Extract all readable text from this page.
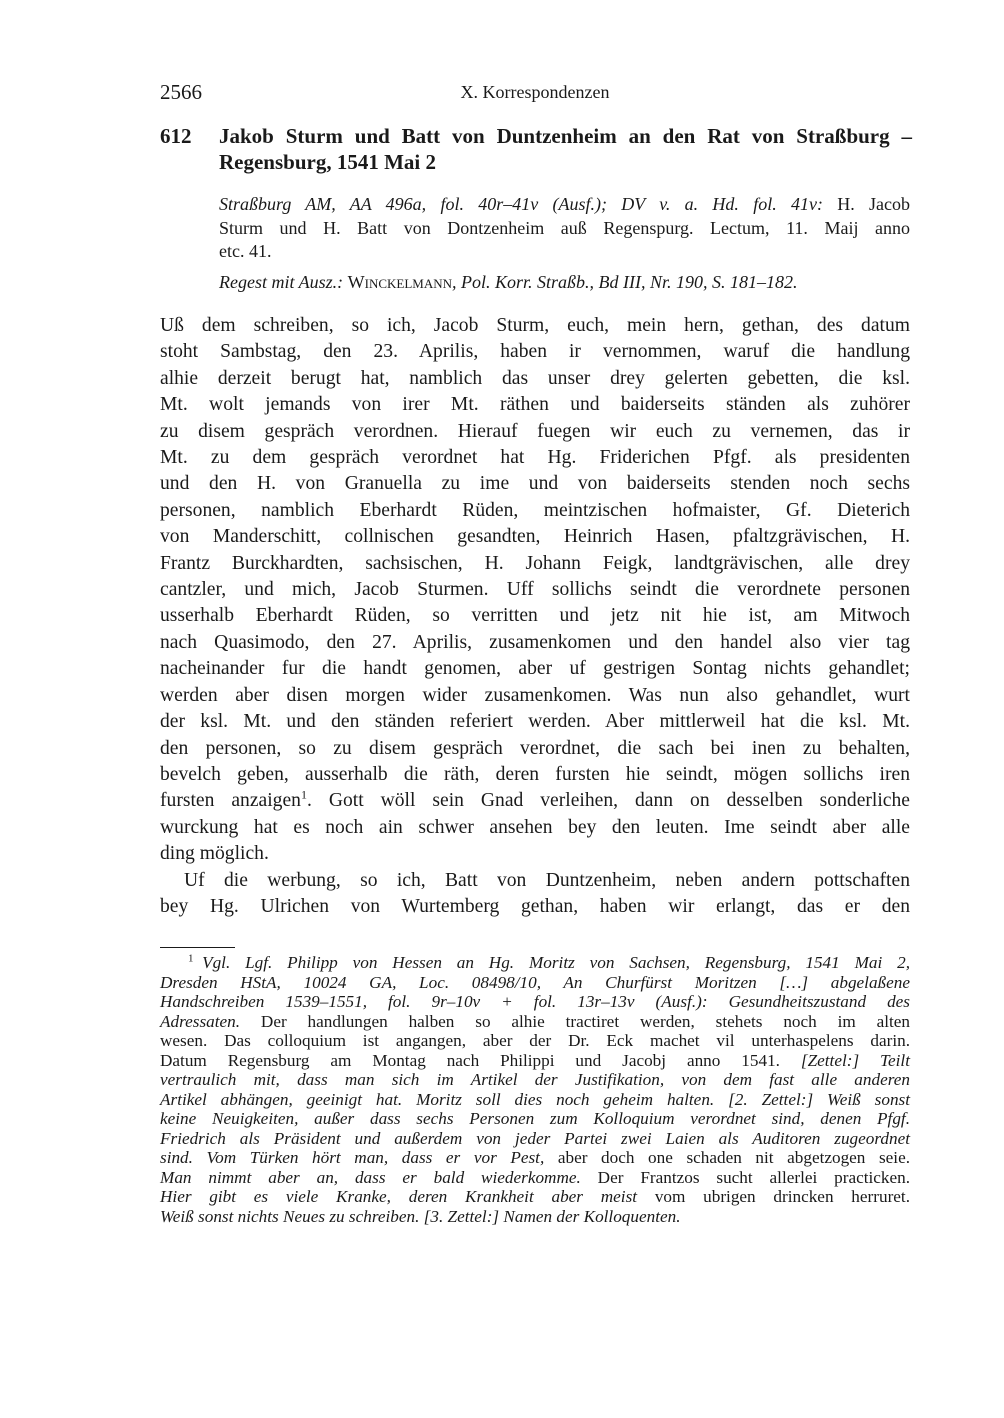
2566	X. Korrespondenzen
612 Jakob Sturm und Batt von Duntzenheim an den Rat von Straßburg –
Regensburg, 1541 Mai 2
Straßburg AM, AA 496a, fol. 40r–41v (Ausf.); DV v. a. Hd. fol. 41v: H. Jacob
Sturm und H. Batt von Dontzenheim auß Regenspurg. Lectum, 11. Maij anno
etc. 41.
Regest mit Ausz.: Winckelmann, Pol. Korr. Straßb., Bd III, Nr. 190, S. 181–182.
Uß dem schreiben, so ich, Jacob Sturm, euch, mein hern, gethan, des datum
stoht Sambstag, den 23. Aprilis, haben ir vernommen, waruf die handlung
alhie derzeit berugt hat, namblich das unser drey gelerten gebetten, die ksl.
Mt. wolt jemands von irer Mt. räthen und baiderseits ständen als zuhörer
zu disem gespräch verordnen. Hierauf fuegen wir euch zu vernemen, das ir
Mt. zu dem gespräch verordnet hat Hg. Friderichen Pfgf. als presidenten
und den H. von Granuella zu ime und von baiderseits stenden noch sechs
personen, namblich Eberhardt Rüden, meintzischen hofmaister, Gf. Dieterich
von Manderschitt, collnischen gesandten, Heinrich Hasen, pfaltzgrävischen, H.
Frantz Burckhardten, sachsischen, H. Johann Feigk, landtgrävischen, alle drey
cantzler, und mich, Jacob Sturmen. Uff sollichs seindt die verordnete personen
usserhalb Eberhardt Rüden, so verritten und jetz nit hie ist, am Mitwoch
nach Quasimodo, den 27. Aprilis, zusamenkomen und den handel also vier tag
nacheinander fur die handt genomen, aber uf gestrigen Sontag nichts gehandlet;
werden aber disen morgen wider zusamenkomen. Was nun also gehandlet, wurt
der ksl. Mt. und den ständen referiert werden. Aber mittlerweil hat die ksl. Mt.
den personen, so zu disem gespräch verordnet, die sach bei inen zu behalten,
bevelch geben, ausserhalb die räth, deren fursten hie seindt, mögen sollichs iren
fursten anzaigen$^1$. Gott wöll sein Gnad verleihen, dann on desselben sonderliche
wurckung hat es noch ain schwer ansehen bey den leuten. Ime seindt aber alle
ding möglich.
Uf die werbung, so ich, Batt von Duntzenheim, neben andern pottschaften
bey Hg. Ulrichen von Wurtemberg gethan, haben wir erlangt, das er den
$^1$  Vgl. Lgf. Philipp von Hessen an Hg. Moritz von Sachsen, Regensburg, 1541 Mai 2,
Dresden HStA, 10024 GA, Loc. 08498/10, An Churfürst Moritzen […] abgelaßene
Handschreiben 1539–1551, fol. 9r–10v + fol. 13r–13v (Ausf.): Gesundheitszustand des
Adressaten. Der handlungen halben so alhie tractiret werden, stehets noch im alten
wesen. Das colloquium ist angangen, aber der Dr. Eck machet vil unterhaspelens darin.
Datum Regensburg am Montag nach Philippi und Jacobj anno 1541. [Zettel:] Teilt
vertraulich mit, dass man sich im Artikel der Justifikation, von dem fast alle anderen
Artikel abhängen, geeinigt hat. Moritz soll dies noch geheim halten. [2. Zettel:] Weiß sonst
keine Neuigkeiten, außer dass sechs Personen zum Kolloquium verordnet sind, denen Pfgf.
Friedrich als Präsident und außerdem von jeder Partei zwei Laien als Auditoren zugeordnet
sind. Vom Türken hört man, dass er vor Pest, aber doch one schaden nit abgetzogen seie.
Man nimmt aber an, dass er bald wiederkomme. Der Frantzos sucht allerlei practicken.
Hier gibt es viele Kranke, deren Krankheit aber meist vom ubrigen drincken herruret.
Weiß sonst nichts Neues zu schreiben. [3. Zettel:] Namen der Kolloquenten.
